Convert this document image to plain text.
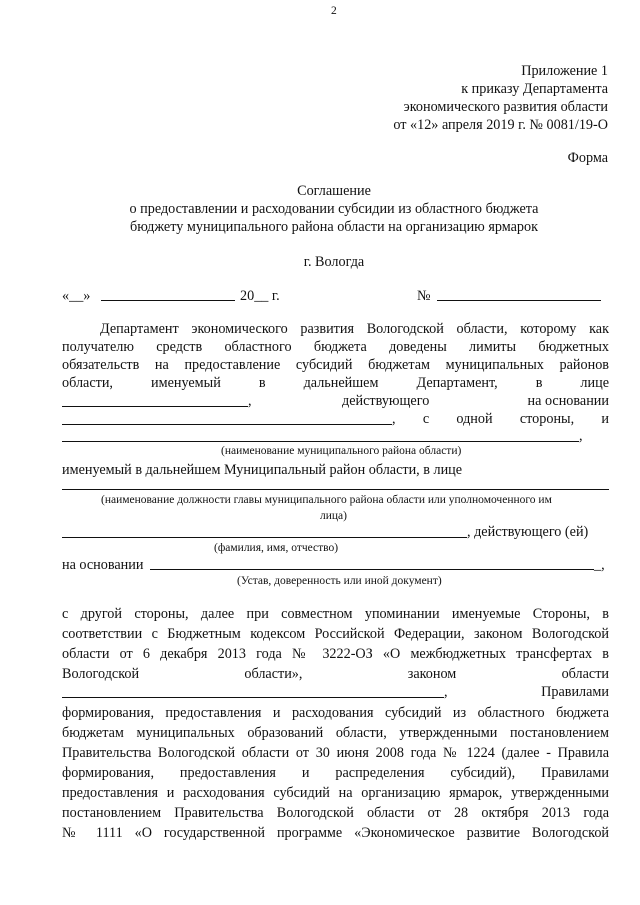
2
Приложение 1
к приказу Департамента
экономического развития области
от «12» апреля 2019 г. № 0081/19-О
Форма
Соглашение
о предоставлении и расходовании субсидии из областного бюджета
бюджету муниципального района области на организацию ярмарок
г. Вологда
«__»	20__ г.	№
Департамент экономического развития Вологодской области, которому как
получателю средств областного бюджета доведены лимиты бюджетных
обязательств на предоставление субсидий бюджетам муниципальных районов
области, именуемый в дальнейшем Департамент, в лице
,	действующего	на основании
, с одной стороны, и
,
(наименование муниципального района области)
именуемый в дальнейшем Муниципальный район области, в лице
(наименование должности главы муниципального района области или уполномоченного им
лица)
, действующего (ей)
(фамилия, имя, отчество)
на основании	_,
(Устав, доверенность или иной документ)
с другой стороны, далее при совместном упоминании именуемые Стороны, в
соответствии с Бюджетным кодексом Российской Федерации, законом Вологодской
области от 6 декабря 2013 года № 3222-ОЗ «О межбюджетных трансфертах в
Вологодской области», законом области
, Правилами
формирования, предоставления и расходования субсидий из областного бюджета
бюджетам муниципальных образований области, утвержденными постановлением
Правительства Вологодской области от 30 июня 2008 года № 1224 (далее - Правила
формирования, предоставления и распределения субсидий), Правилами
предоставления и расходования субсидий на организацию ярмарок, утвержденными
постановлением Правительства Вологодской области от 28 октября 2013 года
№ 1111 «О государственной программе «Экономическое развитие Вологодской
